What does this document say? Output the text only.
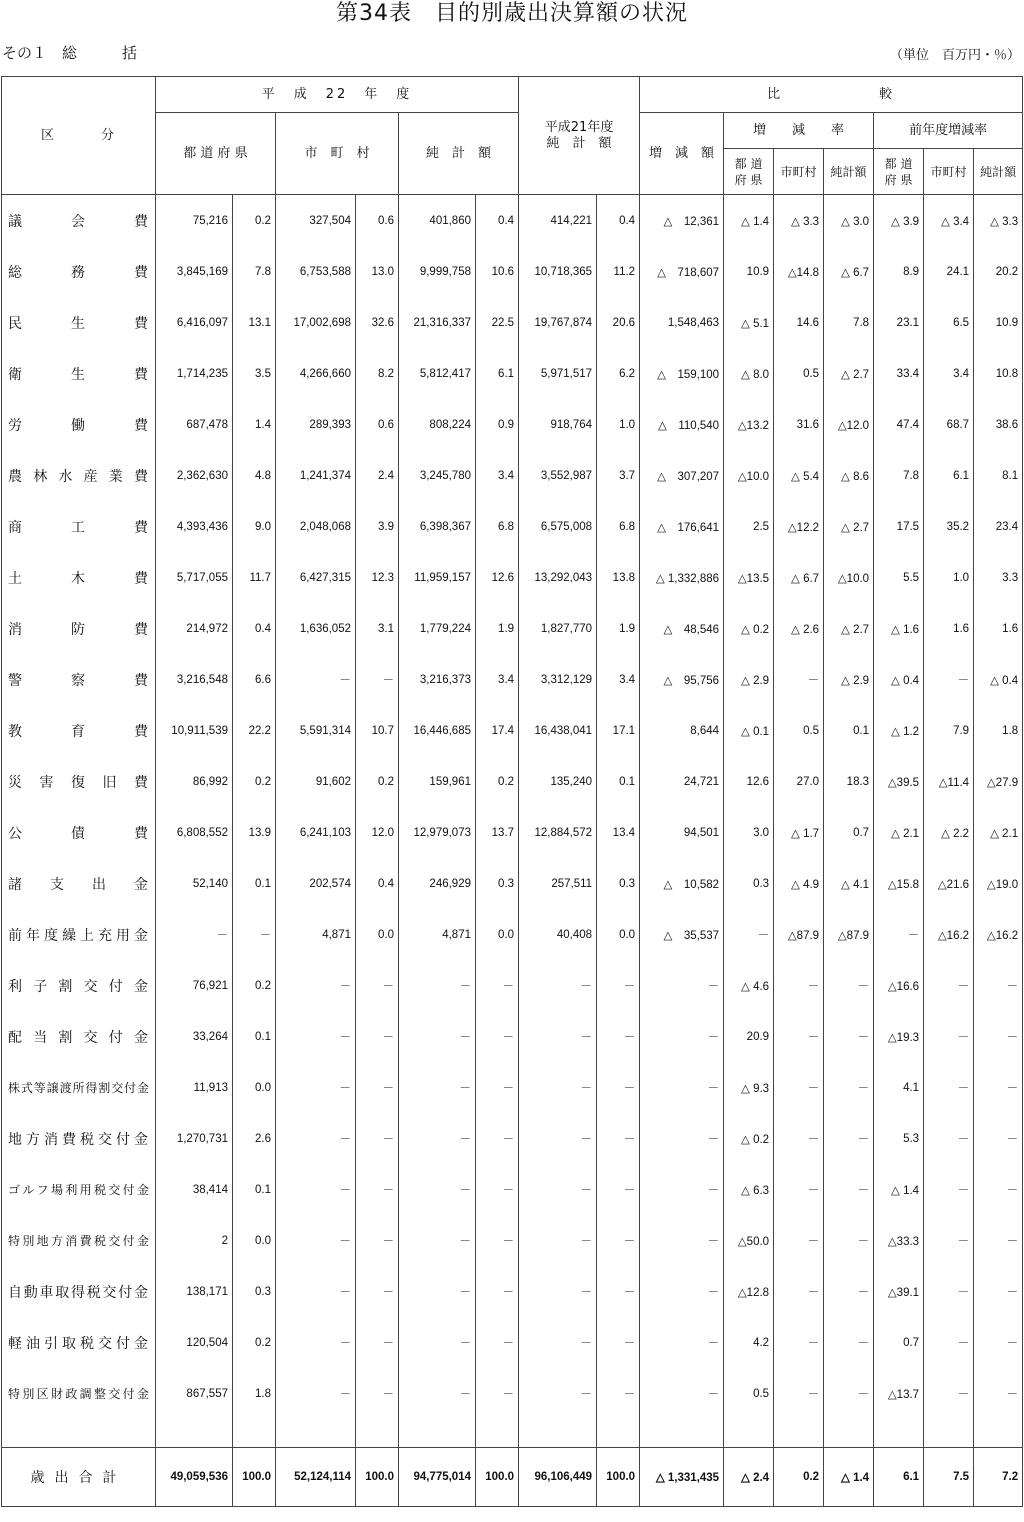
第34表　目的別歳出決算額の状況
その１　総　　　括	（単位　百万円・％）
区　　　分	平　成　22　年　度						平成21年度
純　計　額		比　　　　　　較						
	都 道 府 県		市　町　村		純　計　額				増　減　額	増　　減　　率			前年度増減率		
										都 道
府 県	市町村	純計額	都 道
府 県	市町村	純計額
議　会　費	75,216	0.2	327,504	0.6	401,860	0.4	414,221	0.4	△　12,361	△ 1.4	△ 3.3	△ 3.0	△ 3.9	△ 3.4	△ 3.3
総　務　費	3,845,169	7.8	6,753,588	13.0	9,999,758	10.6	10,718,365	11.2	△　718,607	10.9	△14.8	△ 6.7	8.9	24.1	20.2
民　生　費	6,416,097	13.1	17,002,698	32.6	21,316,337	22.5	19,767,874	20.6	1,548,463	△ 5.1	14.6	7.8	23.1	6.5	10.9
衛　生　費	1,714,235	3.5	4,266,660	8.2	5,812,417	6.1	5,971,517	6.2	△　159,100	△ 8.0	0.5	△ 2.7	33.4	3.4	10.8
労　働　費	687,478	1.4	289,393	0.6	808,224	0.9	918,764	1.0	△　110,540	△13.2	31.6	△12.0	47.4	68.7	38.6
農林水産業費	2,362,630	4.8	1,241,374	2.4	3,245,780	3.4	3,552,987	3.7	△　307,207	△10.0	△ 5.4	△ 8.6	7.8	6.1	8.1
商　工　費	4,393,436	9.0	2,048,068	3.9	6,398,367	6.8	6,575,008	6.8	△　176,641	2.5	△12.2	△ 2.7	17.5	35.2	23.4
土　木　費	5,717,055	11.7	6,427,315	12.3	11,959,157	12.6	13,292,043	13.8	△ 1,332,886	△13.5	△ 6.7	△10.0	5.5	1.0	3.3
消　防　費	214,972	0.4	1,636,052	3.1	1,779,224	1.9	1,827,770	1.9	△　48,546	△ 0.2	△ 2.6	△ 2.7	△ 1.6	1.6	1.6
警　察　費	3,216,548	6.6	－	－	3,216,373	3.4	3,312,129	3.4	△　95,756	△ 2.9	－	△ 2.9	△ 0.4	－	△ 0.4
教　育　費	10,911,539	22.2	5,591,314	10.7	16,446,685	17.4	16,438,041	17.1	8,644	△ 0.1	0.5	0.1	△ 1.2	7.9	1.8
災害復旧費	86,992	0.2	91,602	0.2	159,961	0.2	135,240	0.1	24,721	12.6	27.0	18.3	△39.5	△11.4	△27.9
公　債　費	6,808,552	13.9	6,241,103	12.0	12,979,073	13.7	12,884,572	13.4	94,501	3.0	△ 1.7	0.7	△ 2.1	△ 2.2	△ 2.1
諸　支　出　金	52,140	0.1	202,574	0.4	246,929	0.3	257,511	0.3	△　10,582	0.3	△ 4.9	△ 4.1	△15.8	△21.6	△19.0
前年度繰上充用金	－	－	4,871	0.0	4,871	0.0	40,408	0.0	△　35,537	－	△87.9	△87.9	－	△16.2	△16.2
利子割交付金	76,921	0.2	－	－	－	－	－	－	－	△ 4.6	－	－	△16.6	－	－
配当割交付金	33,264	0.1	－	－	－	－	－	－	－	20.9	－	－	△19.3	－	－
株式等譲渡所得割交付金	11,913	0.0	－	－	－	－	－	－	－	△ 9.3	－	－	4.1	－	－
地方消費税交付金	1,270,731	2.6	－	－	－	－	－	－	－	△ 0.2	－	－	5.3	－	－
ゴルフ場利用税交付金	38,414	0.1	－	－	－	－	－	－	－	△ 6.3	－	－	△ 1.4	－	－
特別地方消費税交付金	2	0.0	－	－	－	－	－	－	－	△50.0	－	－	△33.3	－	－
自動車取得税交付金	138,171	0.3	－	－	－	－	－	－	－	△12.8	－	－	△39.1	－	－
軽油引取税交付金	120,504	0.2	－	－	－	－	－	－	－	4.2	－	－	0.7	－	－
特別区財政調整交付金	867,557	1.8	－	－	－	－	－	－	－	0.5	－	－	△13.7	－	－

歳出合計	49,059,536	100.0	52,124,114	100.0	94,775,014	100.0	96,106,449	100.0	△ 1,331,435	△ 2.4	0.2	△ 1.4	6.1	7.5	7.2
